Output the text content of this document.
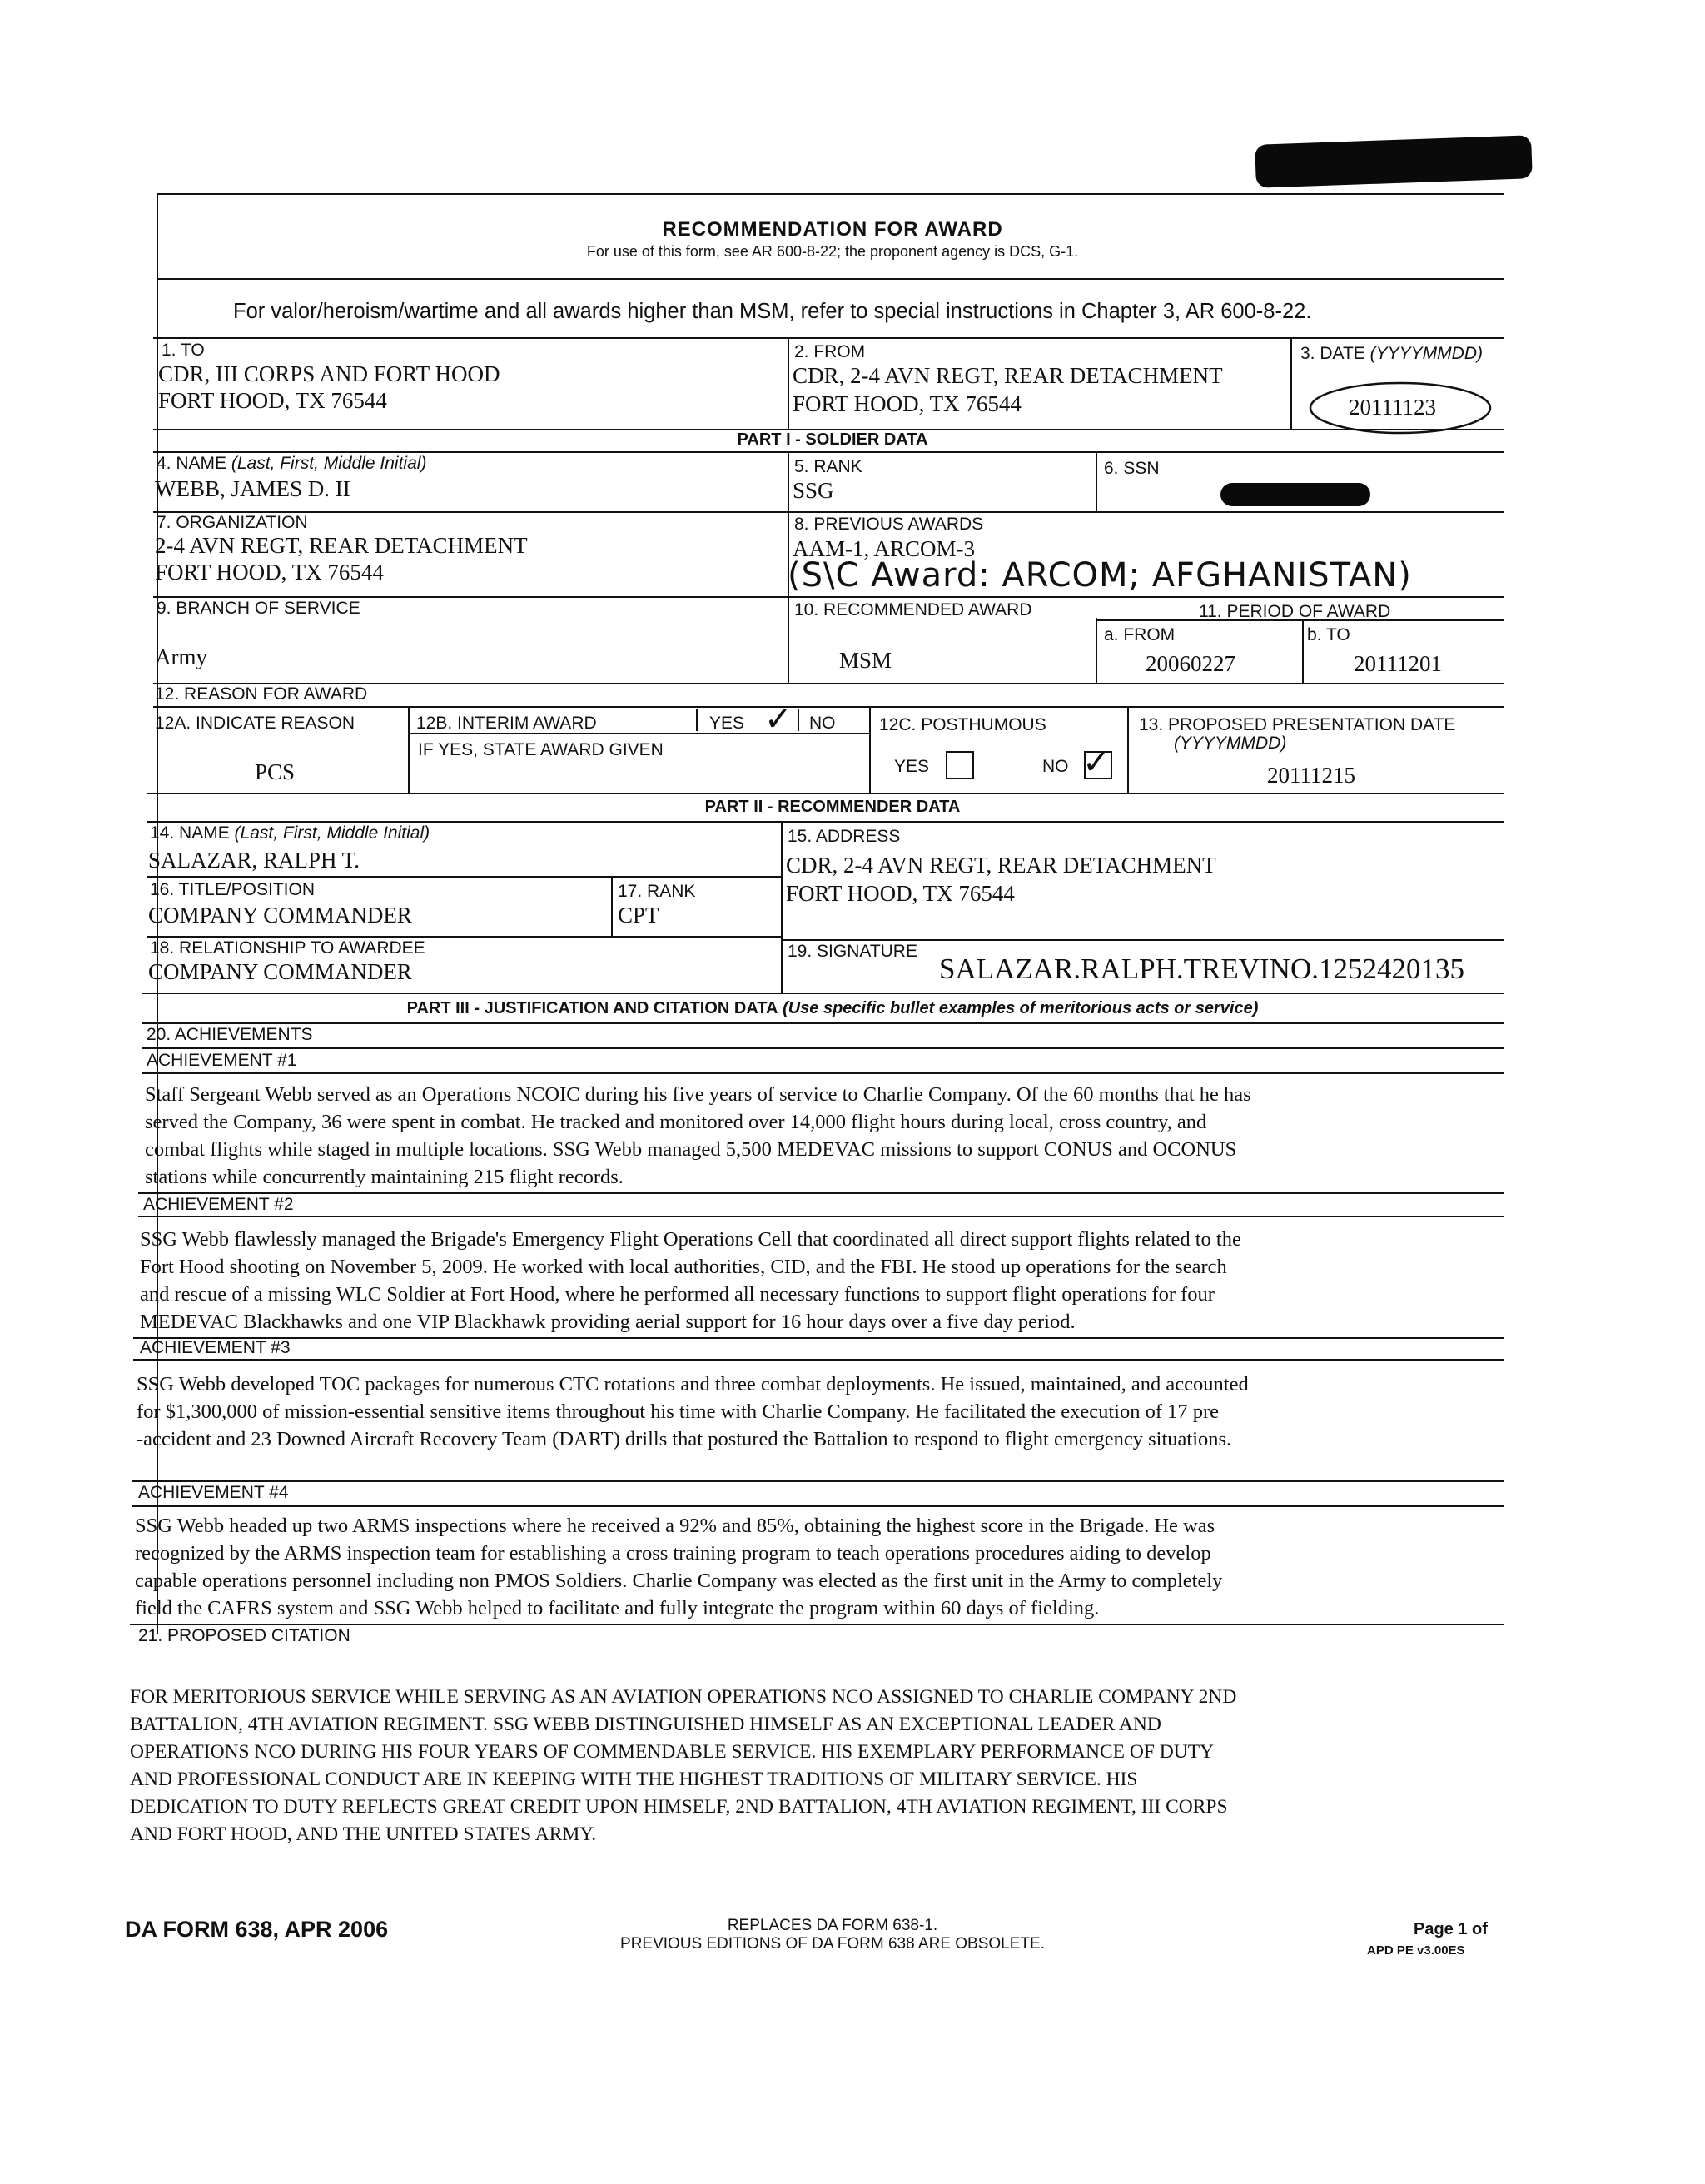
RECOMMENDATION FOR AWARD
For use of this form, see AR 600-8-22; the proponent agency is DCS, G-1.
For valor/heroism/wartime and all awards higher than MSM, refer to special instructions in Chapter 3, AR 600-8-22.
1. TO
CDR, III CORPS AND FORT HOOD
FORT HOOD, TX 76544
2. FROM
CDR, 2-4 AVN REGT, REAR DETACHMENT
FORT HOOD, TX 76544
3. DATE (YYYYMMDD)
20111123
PART I - SOLDIER DATA
4. NAME (Last, First, Middle Initial)
WEBB, JAMES D. II
5. RANK
SSG
6. SSN
7. ORGANIZATION
2-4 AVN REGT, REAR DETACHMENT
FORT HOOD, TX 76544
8. PREVIOUS AWARDS
AAM-1, ARCOM-3
(S\C Award: ARCOM; AFGHANISTAN)
9. BRANCH OF SERVICE
Army
10. RECOMMENDED AWARD
MSM
11. PERIOD OF AWARD
a. FROM
20060227
b. TO
20111201
12. REASON FOR AWARD
12A. INDICATE REASON
PCS
12B. INTERIM AWARD	YES ✓ NO
IF YES, STATE AWARD GIVEN
12C. POSTHUMOUS
YES	NO ✓
13. PROPOSED PRESENTATION DATE
(YYYYMMDD)
20111215
PART II - RECOMMENDER DATA
14. NAME (Last, First, Middle Initial)
SALAZAR, RALPH T.
15. ADDRESS
CDR, 2-4 AVN REGT, REAR DETACHMENT
FORT HOOD, TX 76544
16. TITLE/POSITION
COMPANY COMMANDER
17. RANK
CPT
18. RELATIONSHIP TO AWARDEE
COMPANY COMMANDER
19. SIGNATURE
SALAZAR.RALPH.TREVINO.1252420135
PART III - JUSTIFICATION AND CITATION DATA (Use specific bullet examples of meritorious acts or service)
20. ACHIEVEMENTS
ACHIEVEMENT #1
Staff Sergeant Webb served as an Operations NCOIC during his five years of service to Charlie Company. Of the 60 months that he has
served the Company, 36 were spent in combat. He tracked and monitored over 14,000 flight hours during local, cross country, and
combat flights while staged in multiple locations. SSG Webb managed 5,500 MEDEVAC missions to support CONUS and OCONUS
stations while concurrently maintaining 215 flight records.
ACHIEVEMENT #2
SSG Webb flawlessly managed the Brigade's Emergency Flight Operations Cell that coordinated all direct support flights related to the
Fort Hood shooting on November 5, 2009. He worked with local authorities, CID, and the FBI. He stood up operations for the search
and rescue of a missing WLC Soldier at Fort Hood, where he performed all necessary functions to support flight operations for four
MEDEVAC Blackhawks and one VIP Blackhawk providing aerial support for 16 hour days over a five day period.
ACHIEVEMENT #3
SSG Webb developed TOC packages for numerous CTC rotations and three combat deployments. He issued, maintained, and accounted
for $1,300,000 of mission-essential sensitive items throughout his time with Charlie Company. He facilitated the execution of 17 pre
-accident and 23 Downed Aircraft Recovery Team (DART) drills that postured the Battalion to respond to flight emergency situations.
ACHIEVEMENT #4
SSG Webb headed up two ARMS inspections where he received a 92% and 85%, obtaining the highest score in the Brigade. He was
recognized by the ARMS inspection team for establishing a cross training program to teach operations procedures aiding to develop
capable operations personnel including non PMOS Soldiers. Charlie Company was elected as the first unit in the Army to completely
field the CAFRS system and SSG Webb helped to facilitate and fully integrate the program within 60 days of fielding.
21. PROPOSED CITATION
FOR MERITORIOUS SERVICE WHILE SERVING AS AN AVIATION OPERATIONS NCO ASSIGNED TO CHARLIE COMPANY 2ND
BATTALION, 4TH AVIATION REGIMENT. SSG WEBB DISTINGUISHED HIMSELF AS AN EXCEPTIONAL LEADER AND
OPERATIONS NCO DURING HIS FOUR YEARS OF COMMENDABLE SERVICE. HIS EXEMPLARY PERFORMANCE OF DUTY
AND PROFESSIONAL CONDUCT ARE IN KEEPING WITH THE HIGHEST TRADITIONS OF MILITARY SERVICE. HIS
DEDICATION TO DUTY REFLECTS GREAT CREDIT UPON HIMSELF, 2ND BATTALION, 4TH AVIATION REGIMENT, III CORPS
AND FORT HOOD, AND THE UNITED STATES ARMY.
DA FORM 638, APR 2006	REPLACES DA FORM 638-1.
PREVIOUS EDITIONS OF DA FORM 638 ARE OBSOLETE.
Page 1 of
APD PE v3.00ES
